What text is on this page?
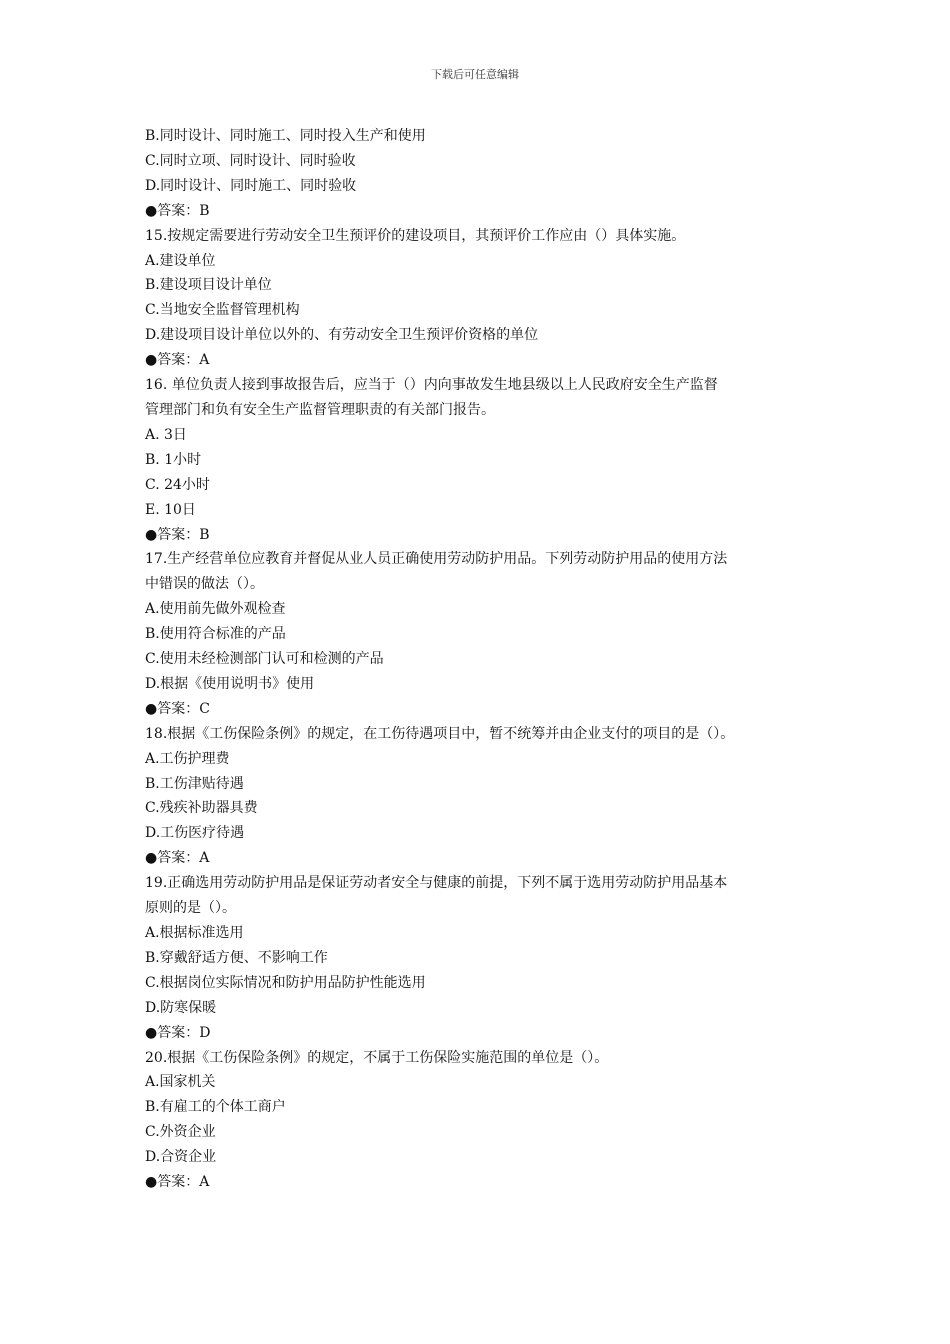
下载后可任意编辑
B.同时设计、同时施工、同时投入生产和使用
C.同时立项、同时设计、同时验收
D.同时设计、同时施工、同时验收
●答案：B
15.按规定需要进行劳动安全卫生预评价的建设项目，其预评价工作应由（）具体实施。
A.建设单位
B.建设项目设计单位
C.当地安全监督管理机构
D.建设项目设计单位以外的、有劳动安全卫生预评价资格的单位
●答案：A
16. 单位负责人接到事故报告后，应当于（）内向事故发生地县级以上人民政府安全生产监督
管理部门和负有安全生产监督管理职责的有关部门报告。
A. 3日
B. 1小时
C. 24小时
E. 10日
●答案：B
17.生产经营单位应教育并督促从业人员正确使用劳动防护用品。下列劳动防护用品的使用方法
中错误的做法（）。
A.使用前先做外观检查
B.使用符合标准的产品
C.使用未经检测部门认可和检测的产品
D.根据《使用说明书》使用
●答案：C
18.根据《工伤保险条例》的规定，在工伤待遇项目中，暂不统筹并由企业支付的项目的是（）。
A.工伤护理费
B.工伤津贴待遇
C.残疾补助器具费
D.工伤医疗待遇
●答案：A
19.正确选用劳动防护用品是保证劳动者安全与健康的前提，下列不属于选用劳动防护用品基本
原则的是（）。
A.根据标准选用
B.穿戴舒适方便、不影响工作
C.根据岗位实际情况和防护用品防护性能选用
D.防寒保暖
●答案：D
20.根据《工伤保险条例》的规定，不属于工伤保险实施范围的单位是（）。
A.国家机关
B.有雇工的个体工商户
C.外资企业
D.合资企业
●答案：A
